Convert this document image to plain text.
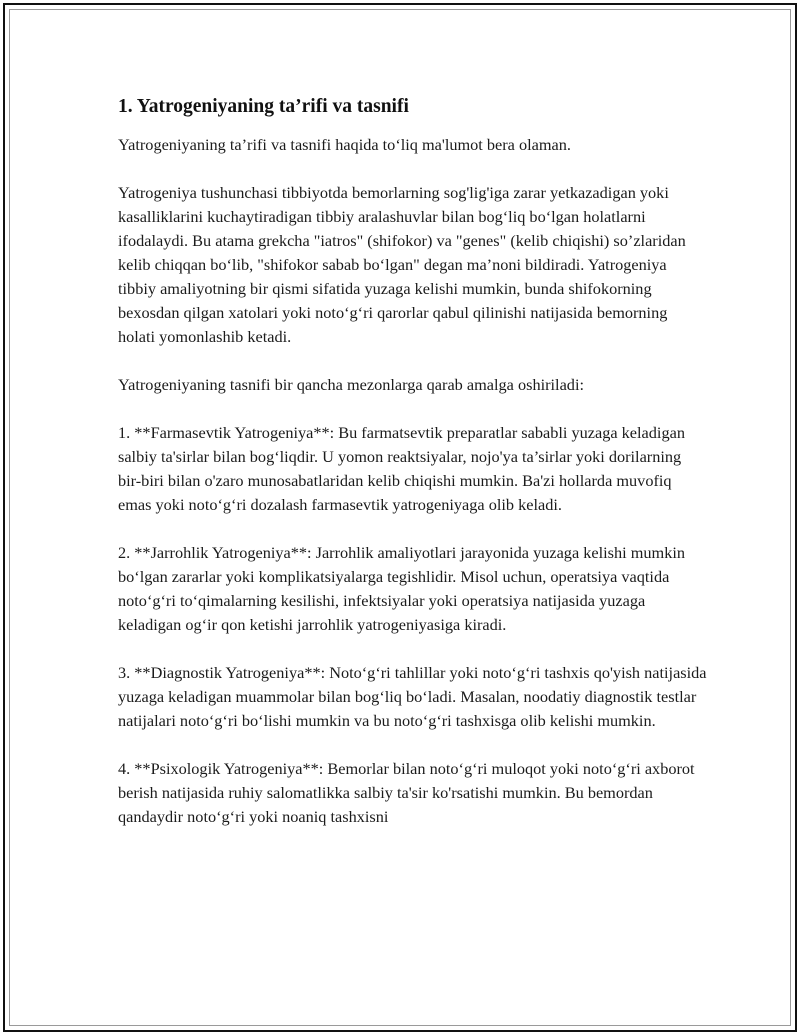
1. Yatrogeniyaning ta’rifi va tasnifi

Yatrogeniyaning ta’rifi va tasnifi haqida to‘liq ma'lumot bera olaman.

Yatrogeniya tushunchasi tibbiyotda bemorlarning sog'lig'iga zarar yetkazadigan yoki kasalliklarini kuchaytiradigan tibbiy aralashuvlar bilan bog‘liq bo‘lgan holatlarni ifodalaydi. Bu atama grekcha "iatros" (shifokor) va "genes" (kelib chiqishi) so’zlaridan kelib chiqqan bo‘lib, "shifokor sabab bo‘lgan" degan ma’noni bildiradi. Yatrogeniya tibbiy amaliyotning bir qismi sifatida yuzaga kelishi mumkin, bunda shifokorning bexosdan qilgan xatolari yoki noto‘g‘ri qarorlar qabul qilinishi natijasida bemorning holati yomonlashib ketadi.

Yatrogeniyaning tasnifi bir qancha mezonlarga qarab amalga oshiriladi:

1. **Farmasevtik Yatrogeniya**: Bu farmatsevtik preparatlar sababli yuzaga keladigan salbiy ta'sirlar bilan bog‘liqdir. U yomon reaktsiyalar, nojo'ya ta’sirlar yoki dorilarning bir-biri bilan o'zaro munosabatlaridan kelib chiqishi mumkin. Ba'zi hollarda muvofiq emas yoki noto‘g‘ri dozalash farmasevtik yatrogeniyaga olib keladi.

2. **Jarrohlik Yatrogeniya**: Jarrohlik amaliyotlari jarayonida yuzaga kelishi mumkin bo‘lgan zararlar yoki komplikatsiyalarga tegishlidir. Misol uchun, operatsiya vaqtida noto‘g‘ri to‘qimalarning kesilishi, infektsiyalar yoki operatsiya natijasida yuzaga keladigan og‘ir qon ketishi jarrohlik yatrogeniyasiga kiradi.

3. **Diagnostik Yatrogeniya**: Noto‘g‘ri tahlillar yoki noto‘g‘ri tashxis qo'yish natijasida yuzaga keladigan muammolar bilan bog‘liq bo‘ladi. Masalan, noodatiy diagnostik testlar natijalari noto‘g‘ri bo‘lishi mumkin va bu noto‘g‘ri tashxisga olib kelishi mumkin.

4. **Psixologik Yatrogeniya**: Bemorlar bilan noto‘g‘ri muloqot yoki noto‘g‘ri axborot berish natijasida ruhiy salomatlikka salbiy ta'sir ko'rsatishi mumkin. Bu bemordan qandaydir noto‘g‘ri yoki noaniq tashxisni
